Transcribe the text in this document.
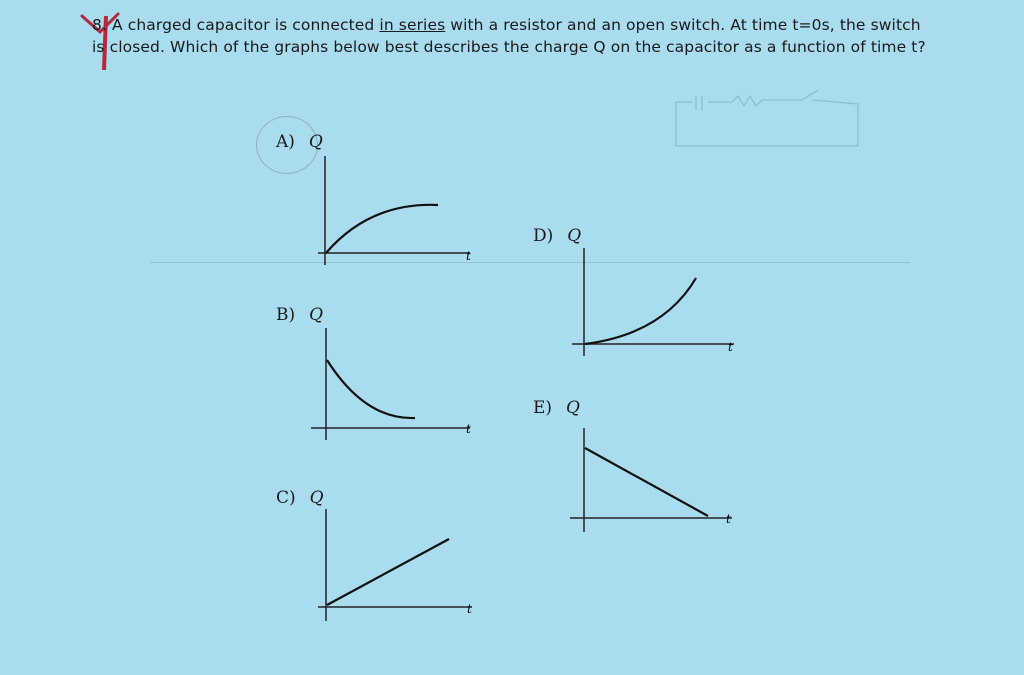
8. A charged capacitor is connected in series with a resistor and an open switch. At time t=0s, the switch is closed. Which of the graphs below best describes the charge Q on the capacitor as a function of time t?
A) Q
t
B) Q
t
C) Q
t
D) Q
t
E) Q
t
